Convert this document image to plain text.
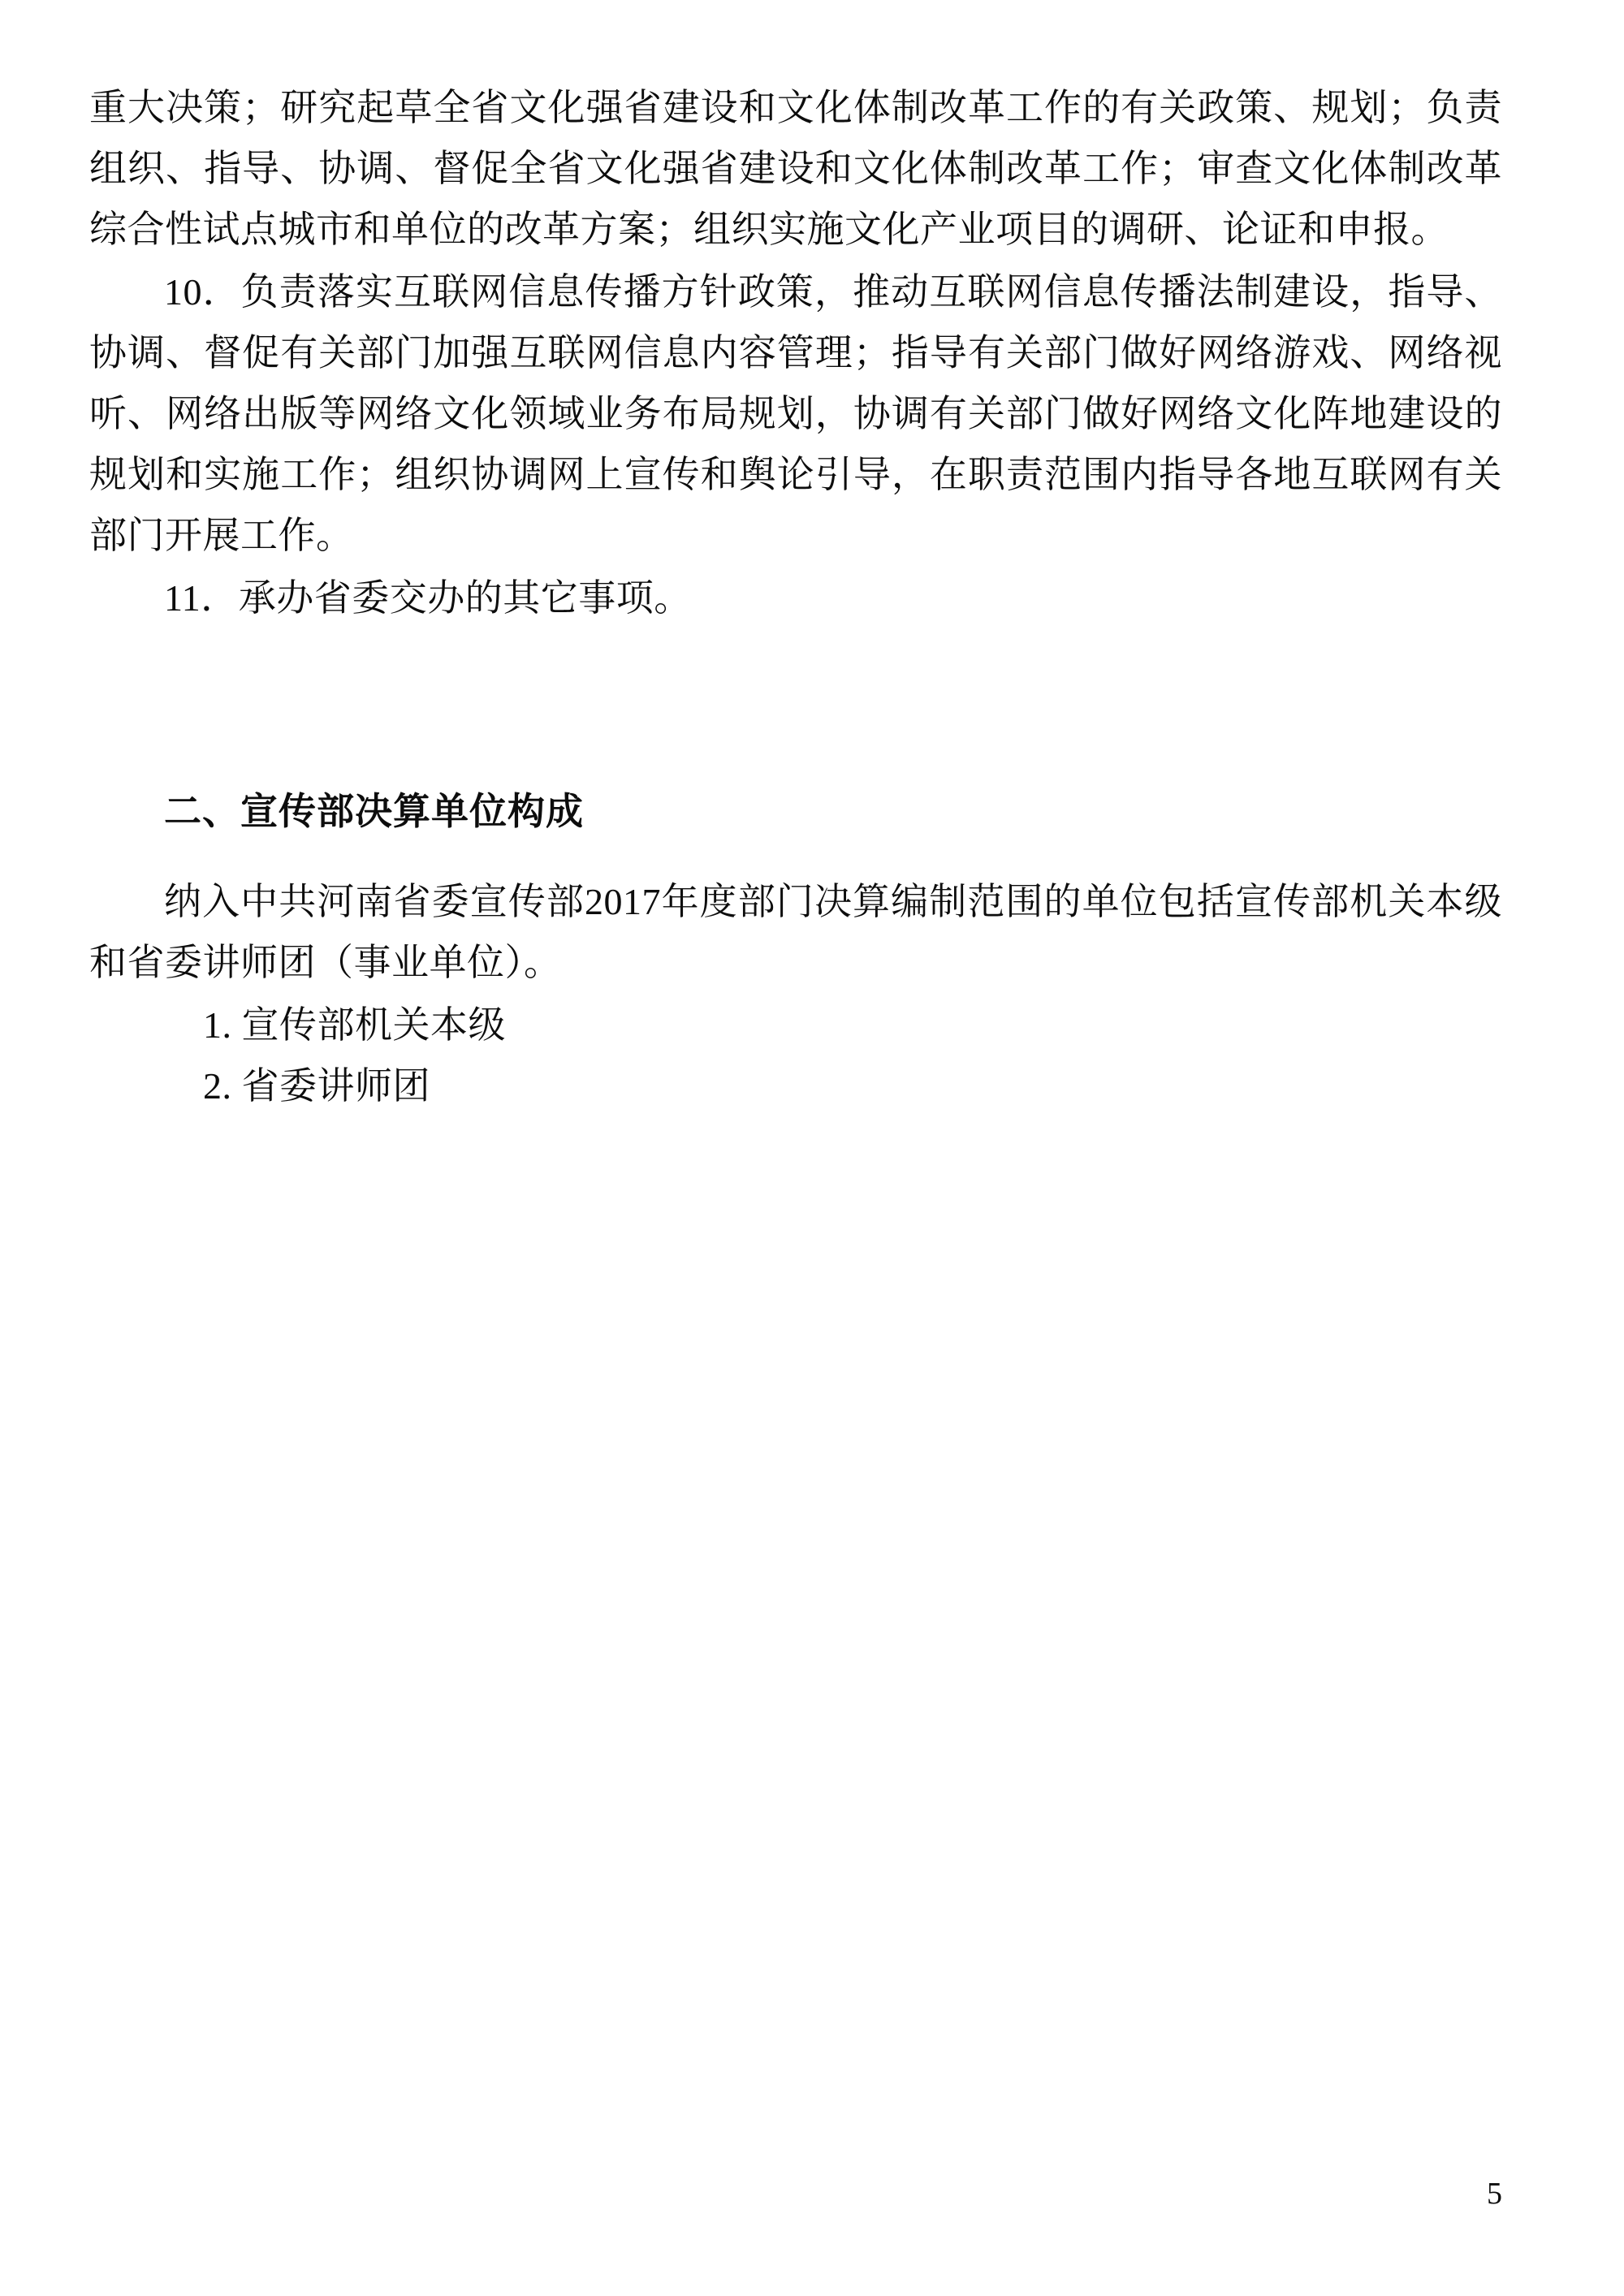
重大决策；研究起草全省文化强省建设和文化体制改革工作的有关政策、规划；负责组织、指导、协调、督促全省文化强省建设和文化体制改革工作；审查文化体制改革综合性试点城市和单位的改革方案；组织实施文化产业项目的调研、论证和申报。

10．负责落实互联网信息传播方针政策，推动互联网信息传播法制建设，指导、协调、督促有关部门加强互联网信息内容管理；指导有关部门做好网络游戏、网络视听、网络出版等网络文化领域业务布局规划，协调有关部门做好网络文化阵地建设的规划和实施工作；组织协调网上宣传和舆论引导，在职责范围内指导各地互联网有关部门开展工作。

11．承办省委交办的其它事项。

二、宣传部决算单位构成

纳入中共河南省委宣传部2017年度部门决算编制范围的单位包括宣传部机关本级和省委讲师团（事业单位）。

1. 宣传部机关本级

2. 省委讲师团

5
